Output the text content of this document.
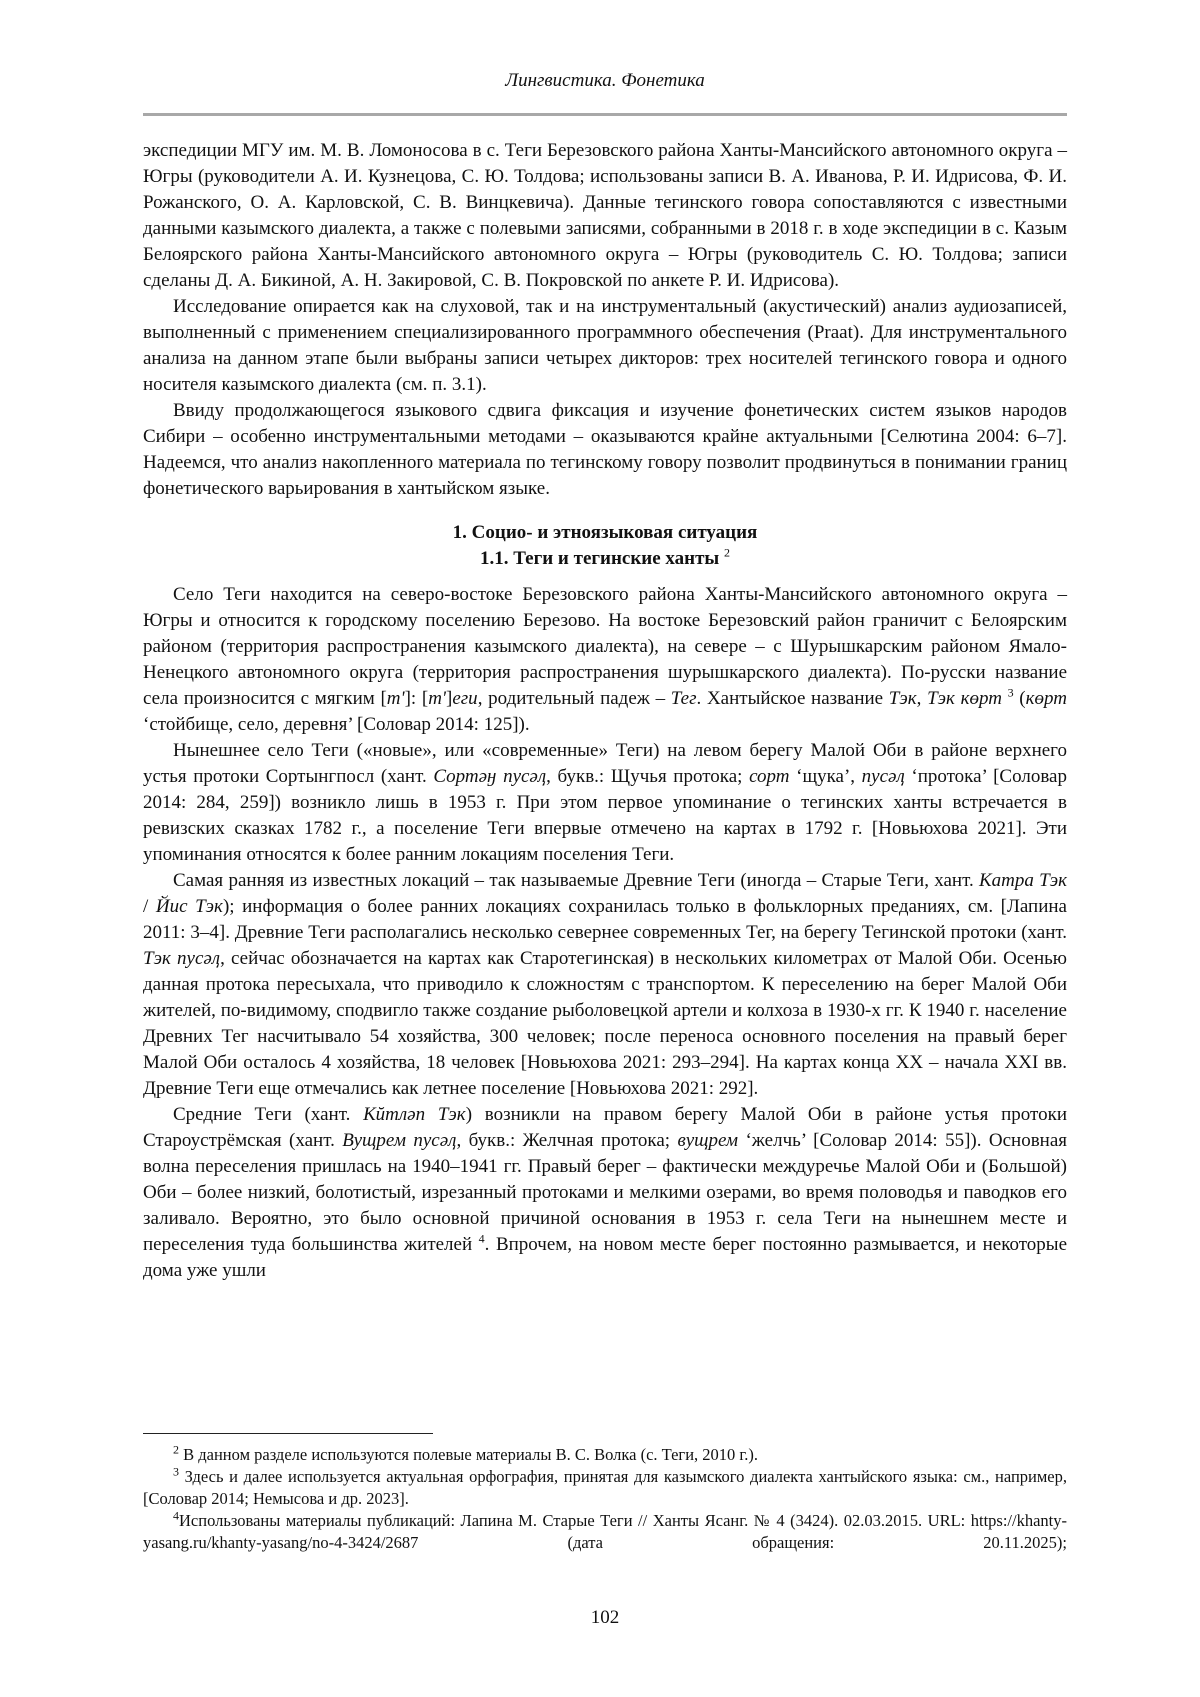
Лингвистика. Фонетика

экспедиции МГУ им. М. В. Ломоносова в с. Теги Березовского района Ханты-Мансийского автономного округа – Югры (руководители А. И. Кузнецова, С. Ю. Толдова; использованы записи В. А. Иванова, Р. И. Идрисова, Ф. И. Рожанского, О. А. Карловской, С. В. Винцкевича). Данные тегинского говора сопоставляются с известными данными казымского диалекта, а также с полевыми записями, собранными в 2018 г. в ходе экспедиции в с. Казым Белоярского района Ханты-Мансийского автономного округа – Югры (руководитель С. Ю. Толдова; записи сделаны Д. А. Бикиной, А. Н. Закировой, С. В. Покровской по анкете Р. И. Идрисова).

Исследование опирается как на слуховой, так и на инструментальный (акустический) анализ аудиозаписей, выполненный с применением специализированного программного обеспечения (Praat). Для инструментального анализа на данном этапе были выбраны записи четырех дикторов: трех носителей тегинского говора и одного носителя казымского диалекта (см. п. 3.1).

Ввиду продолжающегося языкового сдвига фиксация и изучение фонетических систем языков народов Сибири – особенно инструментальными методами – оказываются крайне актуальными [Селютина 2004: 6–7]. Надеемся, что анализ накопленного материала по тегинскому говору позволит продвинуться в понимании границ фонетического варьирования в хантыйском языке.

1. Социо- и этноязыковая ситуация
1.1. Теги и тегинские ханты $^2$

Село Теги находится на северо-востоке Березовского района Ханты-Мансийского автономного округа – Югры и относится к городскому поселению Березово. На востоке Березовский район граничит с Белоярским районом (территория распространения казымского диалекта), на севере – с Шурышкарским районом Ямало-Ненецкого автономного округа (территория распространения шурышкарского диалекта). По-русски название села произносится с мягким [т']: [т']еги, родительный падеж – Тег. Хантыйское название Тэк, Тэк көрт $^3$ (көрт ‘стойбище, село, деревня’ [Соловар 2014: 125]).

Нынешнее село Теги («новые», или «современные» Теги) на левом берегу Малой Оби в районе верхнего устья протоки Сортынгпосл (хант. Сортәӈ пусәӆ, букв.: Щучья протока; сорт ‘щука’, пусәӆ ‘протока’ [Соловар 2014: 284, 259]) возникло лишь в 1953 г. При этом первое упоминание о тегинских ханты встречается в ревизских сказках 1782 г., а поселение Теги впервые отмечено на картах в 1792 г. [Новьюхова 2021]. Эти упоминания относятся к более ранним локациям поселения Теги.

Самая ранняя из известных локаций – так называемые Древние Теги (иногда – Старые Теги, хант. Катра Тэк / Йис Тэк); информация о более ранних локациях сохранилась только в фольклорных преданиях, см. [Лапина 2011: 3–4]. Древние Теги располагались несколько севернее современных Тег, на берегу Тегинской протоки (хант. Тэк пусәӆ, сейчас обозначается на картах как Старотегинская) в нескольких километрах от Малой Оби. Осенью данная протока пересыхала, что приводило к сложностям с транспортом. К переселению на берег Малой Оби жителей, по-видимому, сподвигло также создание рыболовецкой артели и колхоза в 1930-х гг. К 1940 г. население Древних Тег насчитывало 54 хозяйства, 300 человек; после переноса основного поселения на правый берег Малой Оби осталось 4 хозяйства, 18 человек [Новьюхова 2021: 293–294]. На картах конца XX – начала XXI вв. Древние Теги еще отмечались как летнее поселение [Новьюхова 2021: 292].

Средние Теги (хант. Кŭтләп Тэк) возникли на правом берегу Малой Оби в районе устья протоки Староустрёмская (хант. Вущрем пусәӆ, букв.: Желчная протока; вущрем ‘желчь’ [Соловар 2014: 55]). Основная волна переселения пришлась на 1940–1941 гг. Правый берег – фактически междуречье Малой Оби и (Большой) Оби – более низкий, болотистый, изрезанный протоками и мелкими озерами, во время половодья и паводков его заливало. Вероятно, это было основной причиной основания в 1953 г. села Теги на нынешнем месте и переселения туда большинства жителей $^4$. Впрочем, на новом месте берег постоянно размывается, и некоторые дома уже ушли

$^2$ В данном разделе используются полевые материалы В. С. Волка (с. Теги, 2010 г.).

$^3$ Здесь и далее используется актуальная орфография, принятая для казымского диалекта хантыйского языка: см., например, [Соловар 2014; Немысова и др. 2023].

$^4$Использованы материалы публикаций: Лапина М. Старые Теги // Ханты Ясанг. № 4 (3424). 02.03.2015. URL: https://khanty-yasang.ru/khanty-yasang/no-4-3424/2687 (дата обращения: 20.11.2025);

102
